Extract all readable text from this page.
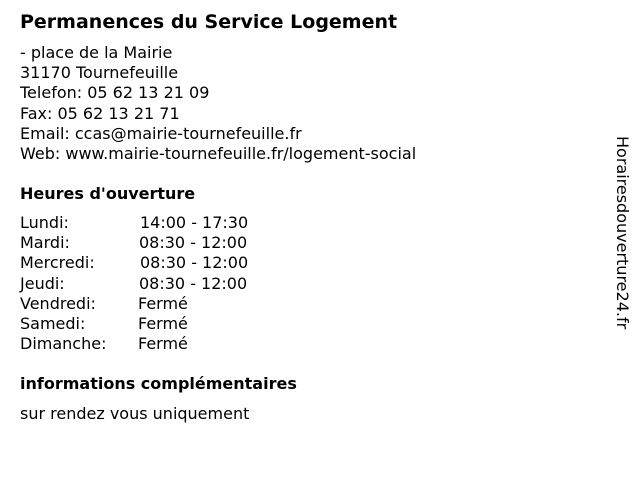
Permanences du Service Logement
- place de la Mairie
31170 Tournefeuille
Telefon: 05 62 13 21 09
Fax: 05 62 13 21 71
Email: ccas@mairie-tournefeuille.fr
Web: www.mairie-tournefeuille.fr/logement-social
Heures d'ouverture
Lundi:	14:00 - 17:30
Mardi:	08:30 - 12:00
Mercredi:	08:30 - 12:00
Jeudi:	08:30 - 12:00
Vendredi:	Fermé
Samedi:	Fermé
Dimanche: Fermé
informations complémentaires
sur rendez vous uniquement
Horairesdouverture24.fr
